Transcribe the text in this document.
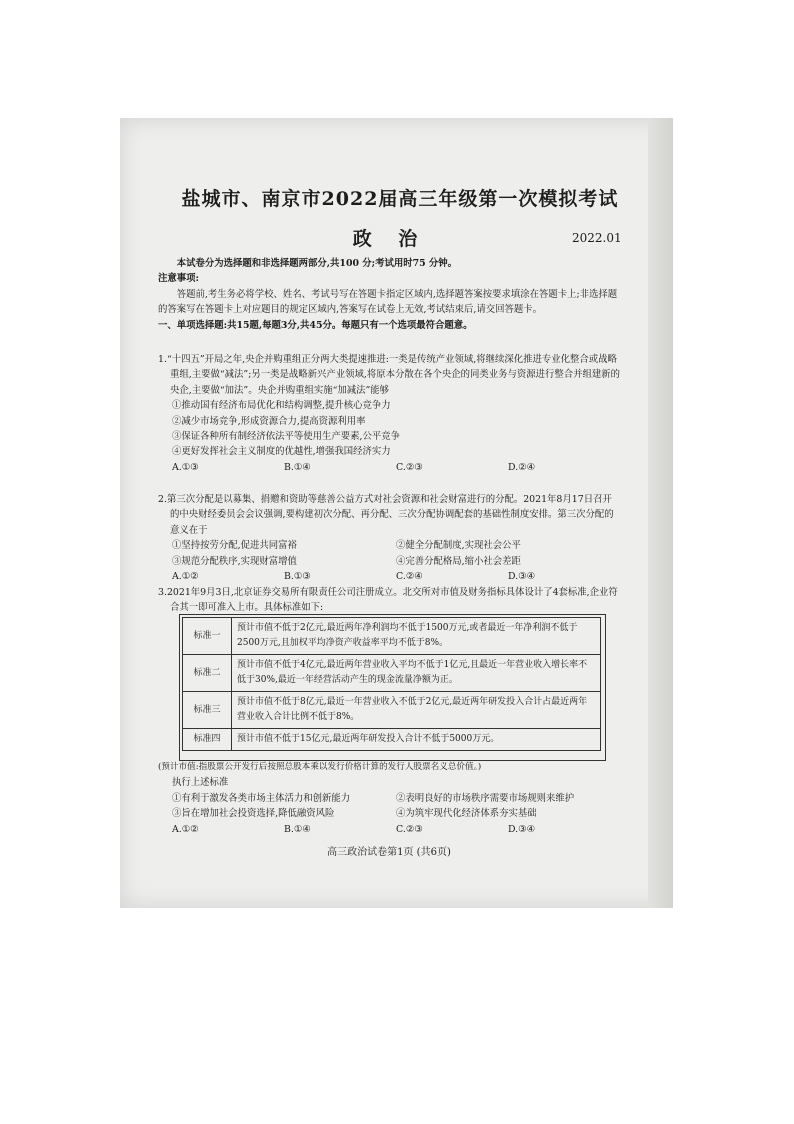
盐城市、南京市2022届高三年级第一次模拟考试
政 治	2022.01
本试卷分为选择题和非选择题两部分,共100 分;考试用时75 分钟。
注意事项:
答题前,考生务必将学校、姓名、考试号写在答题卡指定区域内,选择题答案按要求填涂在答题卡上;非选择题的答案写在答题卡上对应题目的规定区域内,答案写在试卷上无效,考试结束后,请交回答题卡。
一、单项选择题:共15题,每题3分,共45分。每题只有一个选项最符合题意。
1.“十四五”开局之年,央企并购重组正分两大类提速推进:一类是传统产业领域,将继续深化推进专业化整合或战略重组,主要做“减法”;另一类是战略新兴产业领域,将原本分散在各个央企的同类业务与资源进行整合并组建新的央企,主要做“加法”。央企并购重组实施“加减法”能够
①推动国有经济布局优化和结构调整,提升核心竞争力
②减少市场竞争,形成资源合力,提高资源利用率
③保证各种所有制经济依法平等使用生产要素,公平竞争
④更好发挥社会主义制度的优越性,增强我国经济实力
A.①③	B.①④	C.②③	D.②④
2.第三次分配是以募集、捐赠和资助等慈善公益方式对社会资源和社会财富进行的分配。2021年8月17日召开的中央财经委员会会议强调,要构建初次分配、再分配、三次分配协调配套的基础性制度安排。第三次分配的意义在于
①坚持按劳分配,促进共同富裕	②健全分配制度,实现社会公平
③规范分配秩序,实现财富增值	④完善分配格局,缩小社会差距
A.①②	B.①③	C.②④	D.③④
3.2021年9月3日,北京证券交易所有限责任公司注册成立。北交所对市值及财务指标具体设计了4套标准,企业符合其一即可准入上市。具体标准如下:
标准一	预计市值不低于2亿元,最近两年净利润均不低于1500万元,或者最近一年净利润不低于2500万元,且加权平均净资产收益率平均不低于8%。
标准二	预计市值不低于4亿元,最近两年营业收入平均不低于1亿元,且最近一年营业收入增长率不低于30%,最近一年经营活动产生的现金流量净额为正。
标准三	预计市值不低于8亿元,最近一年营业收入不低于2亿元,最近两年研发投入合计占最近两年营业收入合计比例不低于8%。
标准四	预计市值不低于15亿元,最近两年研发投入合计不低于5000万元。
(预计市值:指股票公开发行后按照总股本乘以发行价格计算的发行人股票名义总价值。)
执行上述标准
①有利于激发各类市场主体活力和创新能力	②表明良好的市场秩序需要市场规则来维护
③旨在增加社会投资选择,降低融资风险	④为筑牢现代化经济体系夯实基础
A.①②	B.①④	C.②③	D.③④
高三政治试卷第1页 (共6页)
